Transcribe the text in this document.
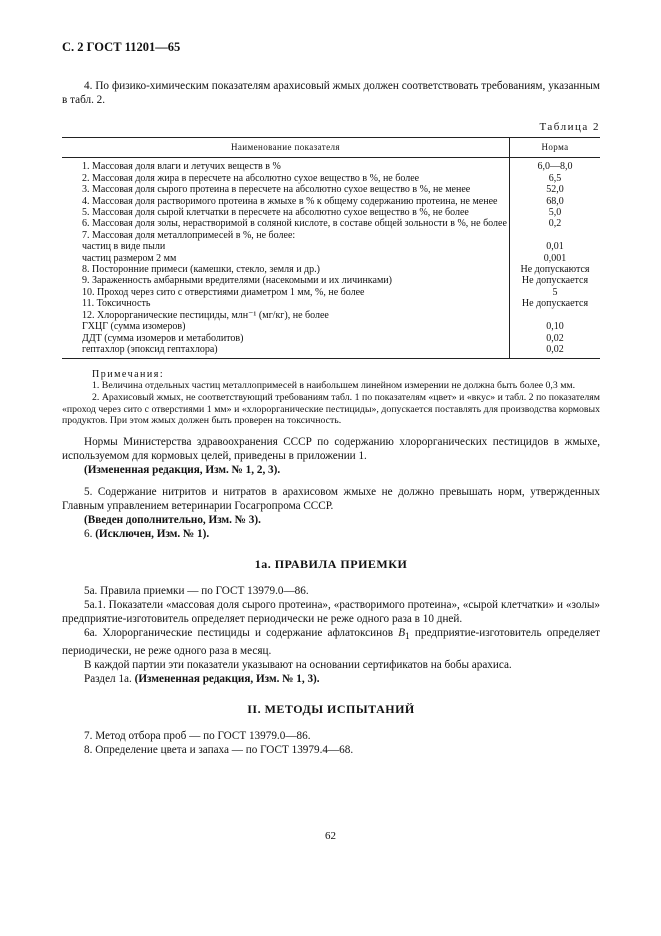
С. 2 ГОСТ 11201—65

4. По физико-химическим показателям арахисовый жмых должен соответствовать требованиям, указанным в табл. 2.

Таблица 2
Наименование показателя	Норма

1. Массовая доля влаги и летучих веществ в %	6,0—8,0

2. Массовая доля жира в пересчете на абсолютно сухое вещество в %, не более	6,5

3. Массовая доля сырого протеина в пересчете на абсолютно сухое вещество в %, не менее	52,0

4. Массовая доля растворимого протеина в жмыхе в % к общему содержанию протеина, не менее	68,0

5. Массовая доля сырой клетчатки в пересчете на абсолютно сухое вещество в %, не более	5,0

6. Массовая доля золы, нерастворимой в соляной кислоте, в составе общей зольности в %, не более	0,2

7. Массовая доля металлопримесей в %, не более:	

частиц в виде пыли	0,01

частиц размером 2 мм	0,001

8. Посторонние примеси (камешки, стекло, земля и др.)	Не допускаются

9. Зараженность амбарными вредителями (насекомыми и их личинками)	Не допускается

10. Проход через сито с отверстиями диаметром 1 мм, %, не более	5

11. Токсичность	Не допускается

12. Хлорорганические пестициды, млн⁻¹ (мг/кг), не более	

ГХЦГ (сумма изомеров)	0,10

ДДТ (сумма изомеров и метаболитов)	0,02

гептахлор (эпоксид гептахлора)	0,02
Примечания:

1. Величина отдельных частиц металлопримесей в наибольшем линейном измерении не должна быть более 0,3 мм.

2. Арахисовый жмых, не соответствующий требованиям табл. 1 по показателям «цвет» и «вкус» и табл. 2 по показателям «проход через сито с отверстиями 1 мм» и «хлорорганические пестициды», допускается поставлять для производства кормовых продуктов. При этом жмых должен быть проверен на токсичность.

Нормы Министерства здравоохранения СССР по содержанию хлорорганических пестицидов в жмыхе, используемом для кормовых целей, приведены в приложении 1.

(Измененная редакция, Изм. № 1, 2, 3).

5. Содержание нитритов и нитратов в арахисовом жмыхе не должно превышать норм, утвержденных Главным управлением ветеринарии Госагропрома СССР.

(Введен дополнительно, Изм. № 3).

6. (Исключен, Изм. № 1).

1а. ПРАВИЛА ПРИЕМКИ

5а. Правила приемки — по ГОСТ 13979.0—86.

5а.1. Показатели «массовая доля сырого протеина», «растворимого протеина», «сырой клетчатки» и «золы» предприятие-изготовитель определяет периодически не реже одного раза в 10 дней.

6а. Хлорорганические пестициды и содержание афлатоксинов $B_1$ предприятие-изготовитель определяет периодически, не реже одного раза в месяц.

В каждой партии эти показатели указывают на основании сертификатов на бобы арахиса.

Раздел 1а. (Измененная редакция, Изм. № 1, 3).

II. МЕТОДЫ ИСПЫТАНИЙ

7. Метод отбора проб — по ГОСТ 13979.0—86.

8. Определение цвета и запаха — по ГОСТ 13979.4—68.

62
